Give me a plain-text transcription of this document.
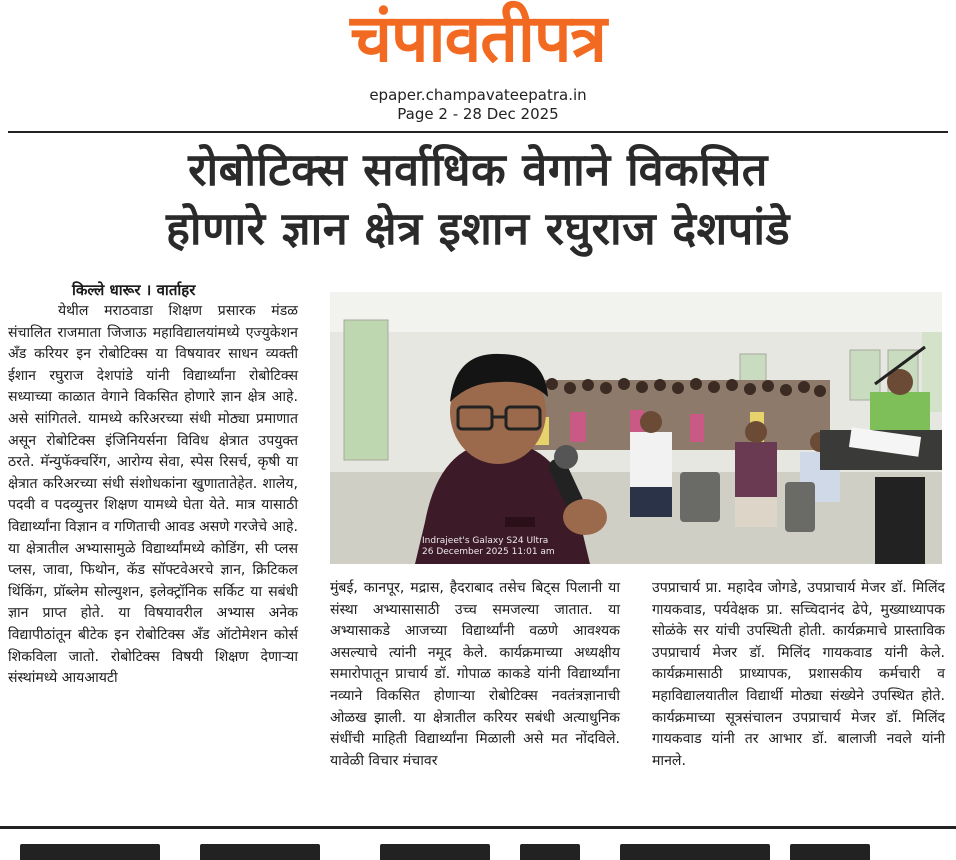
चंपावतीपत्र
epaper.champavateepatra.in
Page 2 - 28 Dec 2025
रोबोटिक्स सर्वाधिक वेगाने विकसित
होणारे ज्ञान क्षेत्र इशान रघुराज देशपांडे
किल्ले धारूर । वार्ताहर

येथील मराठवाडा शिक्षण प्रसारक मंडळ संचालित राजमाता जिजाऊ महाविद्यालयांमध्ये एज्युकेशन अँड करियर इन रोबोटिक्स या विषयावर साधन व्यक्ती ईशान रघुराज देशपांडे यांनी विद्यार्थ्यांना रोबोटिक्स सध्याच्या काळात वेगाने विकसित होणारे ज्ञान क्षेत्र आहे. असे सांगितले. यामध्ये करिअरच्या संधी मोठ्या प्रमाणात असून रोबोटिक्स इंजिनियर्सना विविध क्षेत्रात उपयुक्त ठरते. मॅन्युफॅक्चरिंग, आरोग्य सेवा, स्पेस रिसर्च, कृषी या क्षेत्रात करिअरच्या संधी संशोधकांना खुणातातेहेत. शालेय, पदवी व पदव्युत्तर शिक्षण यामध्ये घेता येते. मात्र यासाठी विद्यार्थ्यांना विज्ञान व गणिताची आवड असणे गरजेचे आहे. या क्षेत्रातील अभ्यासामुळे विद्यार्थ्यांमध्ये कोडिंग, सी प्लस प्लस, जावा, फिथोन, कॅड सॉफ्टवेअरचे ज्ञान, क्रिटिकल थिंकिंग, प्रॉब्लेम सोल्युशन, इलेक्ट्रॉनिक सर्किट या सबंधी ज्ञान प्राप्त होते. या विषयावरील अभ्यास अनेक विद्यापीठांतून बीटेक इन रोबोटिक्स अँड ऑटोमेशन कोर्स शिकविला जातो. रोबोटिक्स विषयी शिक्षण देणाऱ्या संस्थांमध्ये आयआयटी

Indrajeet's Galaxy S24 Ultra
26 December 2025 11:01 am

मुंबई, कानपूर, मद्रास, हैदराबाद तसेच बिट्स पिलानी या संस्था अभ्यासासाठी उच्च समजल्या जातात. या अभ्यासाकडे आजच्या विद्यार्थ्यांनी वळणे आवश्यक असल्याचे त्यांनी नमूद केले. कार्यक्रमाच्या अध्यक्षीय समारोपातून प्राचार्य डॉ. गोपाळ काकडे यांनी विद्यार्थ्यांना नव्याने विकसित होणाऱ्या रोबोटिक्स नवतंत्रज्ञानाची ओळख झाली. या क्षेत्रातील करियर सबंधी अत्याधुनिक संधींची माहिती विद्यार्थ्यांना मिळाली असे मत नोंदविले. यावेळी विचार मंचावर

उपप्राचार्य प्रा. महादेव जोगडे, उपप्राचार्य मेजर डॉ. मिलिंद गायकवाड, पर्यवेक्षक प्रा. सच्चिदानंद ढेपे, मुख्याध्यापक सोळंके सर यांची उपस्थिती होती. कार्यक्रमाचे प्रास्ताविक उपप्राचार्य मेजर डॉ. मिलिंद गायकवाड यांनी केले. कार्यक्रमासाठी प्राध्यापक, प्रशासकीय कर्मचारी व महाविद्यालयातील विद्यार्थी मोठ्या संख्येने उपस्थित होते. कार्यक्रमाच्या सूत्रसंचालन उपप्राचार्य मेजर डॉ. मिलिंद गायकवाड यांनी तर आभार डॉ. बालाजी नवले यांनी मानले.
